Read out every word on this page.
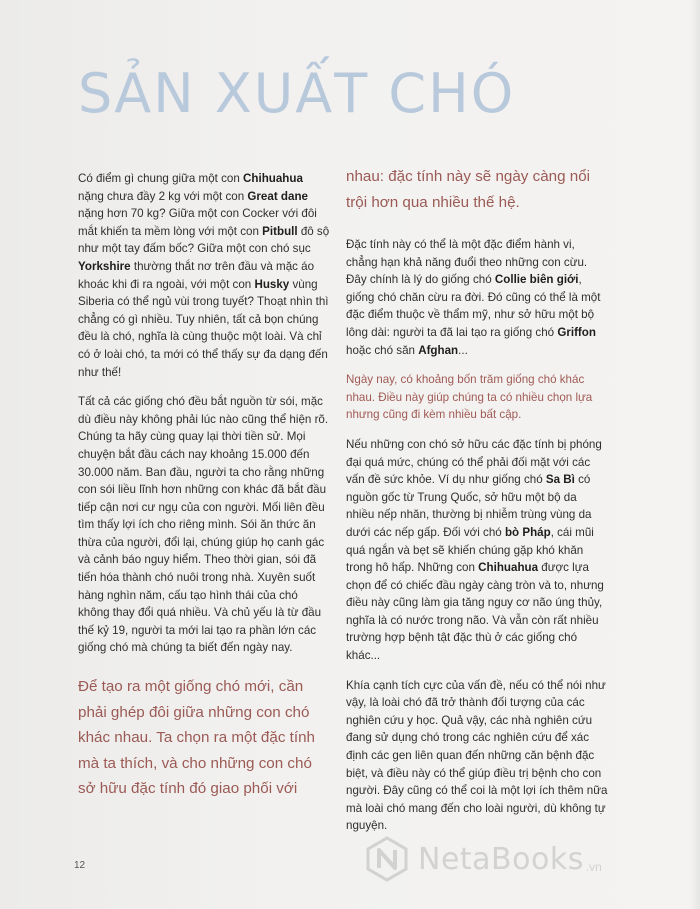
SẢN XUẤT CHÓ

Có điểm gì chung giữa một con Chihuahua nặng chưa đầy 2 kg với một con Great dane nặng hơn 70 kg? Giữa một con Cocker với đôi mắt khiến ta mềm lòng với một con Pitbull đô sộ như một tay đấm bốc? Giữa một con chó sục Yorkshire thường thắt nơ trên đầu và mặc áo khoác khi đi ra ngoài, với một con Husky vùng Siberia có thể ngủ vùi trong tuyết? Thoạt nhìn thì chẳng có gì nhiều. Tuy nhiên, tất cả bọn chúng đều là chó, nghĩa là cùng thuộc một loài. Và chỉ có ở loài chó, ta mới có thể thấy sự đa dạng đến như thế!

Tất cả các giống chó đều bắt nguồn từ sói, mặc dù điều này không phải lúc nào cũng thể hiện rõ. Chúng ta hãy cùng quay lại thời tiền sử. Mọi chuyện bắt đầu cách nay khoảng 15.000 đến 30.000 năm. Ban đầu, người ta cho rằng những con sói liều lĩnh hơn những con khác đã bắt đầu tiếp cận nơi cư ngụ của con người. Mối liên đều tìm thấy lợi ích cho riêng mình. Sói ăn thức ăn thừa của người, đổi lại, chúng giúp họ canh gác và cảnh báo nguy hiểm. Theo thời gian, sói đã tiến hóa thành chó nuôi trong nhà. Xuyên suốt hàng nghìn năm, cấu tạo hình thái của chó không thay đổi quá nhiều. Và chủ yếu là từ đầu thế kỷ 19, người ta mới lai tạo ra phần lớn các giống chó mà chúng ta biết đến ngày nay.

Để tạo ra một giống chó mới, cần phải ghép đôi giữa những con chó khác nhau. Ta chọn ra một đặc tính mà ta thích, và cho những con chó sở hữu đặc tính đó giao phối với

nhau: đặc tính này sẽ ngày càng nổi trội hơn qua nhiều thế hệ.

Đặc tính này có thể là một đặc điểm hành vi, chẳng hạn khả năng đuổi theo những con cừu. Đây chính là lý do giống chó Collie biên giới, giống chó chăn cừu ra đời. Đó cũng có thể là một đặc điểm thuộc về thẩm mỹ, như sở hữu một bộ lông dài: người ta đã lai tạo ra giống chó Griffon hoặc chó săn Afghan...

Ngày nay, có khoảng bốn trăm giống chó khác nhau. Điều này giúp chúng ta có nhiều chọn lựa nhưng cũng đi kèm nhiều bất cập.

Nếu những con chó sở hữu các đặc tính bị phóng đại quá mức, chúng có thể phải đối mặt với các vấn đề sức khỏe. Ví dụ như giống chó Sa Bì có nguồn gốc từ Trung Quốc, sở hữu một bộ da nhiều nếp nhăn, thường bị nhiễm trùng vùng da dưới các nếp gấp. Đối với chó bò Pháp, cái mũi quá ngắn và bẹt sẽ khiến chúng gặp khó khăn trong hô hấp. Những con Chihuahua được lựa chọn để có chiếc đầu ngày càng tròn và to, nhưng điều này cũng làm gia tăng nguy cơ não úng thủy, nghĩa là có nước trong não. Và vẫn còn rất nhiều trường hợp bệnh tật đặc thù ở các giống chó khác...

Khía cạnh tích cực của vấn đề, nếu có thể nói như vậy, là loài chó đã trở thành đối tượng của các nghiên cứu y học. Quả vậy, các nhà nghiên cứu đang sử dụng chó trong các nghiên cứu để xác định các gen liên quan đến những căn bệnh đặc biệt, và điều này có thể giúp điều trị bệnh cho con người. Đây cũng có thể coi là một lợi ích thêm nữa mà loài chó mang đến cho loài người, dù không tự nguyện.

12	NetaBooks .vn
